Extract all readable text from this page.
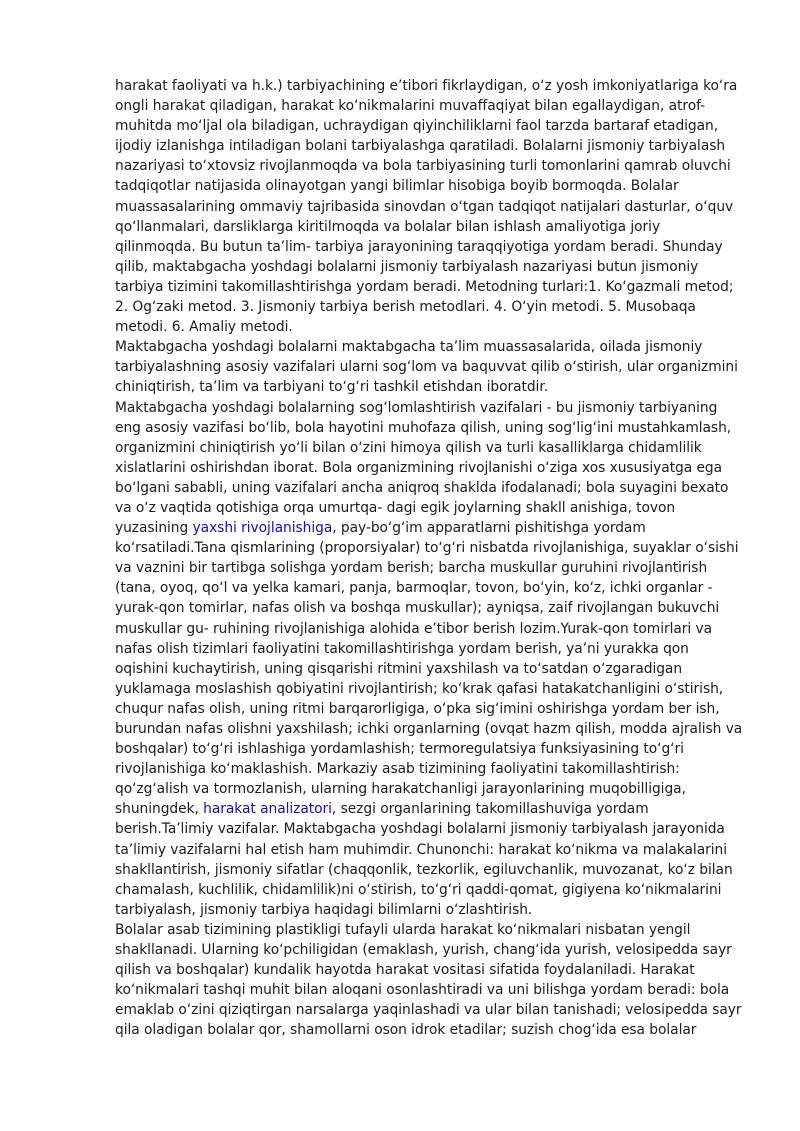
harakat faoliyati va h.k.) tarbiyachining e’tibori fikrlaydigan, o‘z yosh imkoniyatlariga ko‘ra ongli harakat qiladigan, harakat ko‘nikmalarini muvaffaqiyat bilan egallaydigan, atrof-muhitda mo‘ljal ola biladigan, uchraydigan qiyinchiliklarni faol tarzda bartaraf etadigan, ijodiy izlanishga intiladigan bolani tarbiyalashga qaratiladi. Bolalarni jismoniy tarbiyalash nazariyasi to‘xtovsiz rivojlanmoqda va bola tarbiyasining turli tomonlarini qamrab oluvchi tadqiqotlar natijasida olinayotgan yangi bilimlar hisobiga boyib bormoqda. Bolalar muassasalarining ommaviy tajribasida sinovdan o‘tgan tadqiqot natijalari dasturlar, o‘quv qo‘llanmalari, darsliklarga kiritilmoqda va bolalar bilan ishlash amaliyotiga joriy qilinmoqda. Bu butun ta’lim- tarbiya jarayonining taraqqiyotiga yordam beradi. Shunday qilib, maktabgacha yoshdagi bolalarni jismoniy tarbiyalash nazariyasi butun jismoniy tarbiya tizimini takomillashtirishga yordam beradi. Metodning turlari:1. Ko‘gazmali metod; 2. Og‘zaki metod. 3. Jismoniy tarbiya berish metodlari. 4. O‘yin metodi. 5. Musobaqa metodi. 6. Amaliy metodi.

Maktabgacha yoshdagi bolalarni maktabgacha ta’lim muassasalarida, oilada jismoniy tarbiyalashning asosiy vazifalari ularni sog‘lom va baquvvat qilib o‘stirish, ular organizmini chiniqtirish, ta’lim va tarbiyani to‘g‘ri tashkil etishdan iboratdir.

Maktabgacha yoshdagi bolalarning sog‘lomlashtirish vazifalari - bu jismoniy tarbiyaning eng asosiy vazifasi bo‘lib, bola hayotini muhofaza qilish, uning sog‘lig‘ini mustahkamlash, organizmini chiniqtirish yo‘li bilan o‘zini himoya qilish va turli kasalliklarga chidamlilik xislatlarini oshirishdan iborat. Bola organizmining rivojlanishi o‘ziga xos xususiyatga ega bo‘lgani sababli, uning vazifalari ancha aniqroq shaklda ifodalanadi; bola suyagini bexato va o‘z vaqtida qotishiga orqa umurtqa- dagi egik joylarning shakll anishiga, tovon yuzasining yaxshi rivojlanishiga, pay-bo‘g‘im apparatlarni pishitishga yordam ko‘rsatiladi.Tana qismlarining (proporsiyalar) to‘g‘ri nisbatda rivojlanishiga, suyaklar o‘sishi va vaznini bir tartibga solishga yordam berish; barcha muskullar guruhini rivojlantirish (tana, oyoq, qo‘l va yelka kamari, panja, barmoqlar, tovon, bo‘yin, ko‘z, ichki organlar - yurak-qon tomirlar, nafas olish va boshqa muskullar); ayniqsa, zaif rivojlangan bukuvchi muskullar gu- ruhining rivojlanishiga alohida e’tibor berish lozim.Yurak-qon tomirlari va nafas olish tizimlari faoliyatini takomillashtirishga yordam berish, ya’ni yurakka qon oqishini kuchaytirish, uning qisqarishi ritmini yaxshilash va to‘satdan o‘zgaradigan yuklamaga moslashish qobiyatini rivojlantirish; ko‘krak qafasi hatakatchanligini o‘stirish, chuqur nafas olish, uning ritmi barqarorligiga, o‘pka sig‘imini oshirishga yordam ber ish, burundan nafas olishni yaxshilash; ichki organlarning (ovqat hazm qilish, modda ajralish va boshqalar) to‘g‘ri ishlashiga yordamlashish; termoregulatsiya funksiyasining to‘g‘ri rivojlanishiga ko‘maklashish. Markaziy asab tizimining faoliyatini takomillashtirish: qo‘zg‘alish va tormozlanish, ularning harakatchanligi jarayonlarining muqobilligiga, shuningdek, harakat analizatori, sezgi organlarining takomillashuviga yordam berish.Ta’limiy vazifalar. Maktabgacha yoshdagi bolalarni jismoniy tarbiyalash jarayonida ta’limiy vazifalarni hal etish ham muhimdir. Chunonchi: harakat ko‘nikma va malakalarini shakllantirish, jismoniy sifatlar (chaqqonlik, tezkorlik, egiluvchanlik, muvozanat, ko‘z bilan chamalash, kuchlilik, chidamlilik)ni o‘stirish, to‘g‘ri qaddi-qomat, gigiyena ko‘nikmalarini tarbiyalash, jismoniy tarbiya haqidagi bilimlarni o‘zlashtirish.

Bolalar asab tizimining plastikligi tufayli ularda harakat ko‘nikmalari nisbatan yengil shakllanadi. Ularning ko‘pchiligidan (emaklash, yurish, chang‘ida yurish, velosipedda sayr qilish va boshqalar) kundalik hayotda harakat vositasi sifatida foydalaniladi. Harakat ko‘nikmalari tashqi muhit bilan aloqani osonlashtiradi va uni bilishga yordam beradi: bola emaklab o‘zini qiziqtirgan narsalarga yaqinlashadi va ular bilan tanishadi; velosipedda sayr qila oladigan bolalar qor, shamollarni oson idrok etadilar; suzish chog‘ida esa bolalar
